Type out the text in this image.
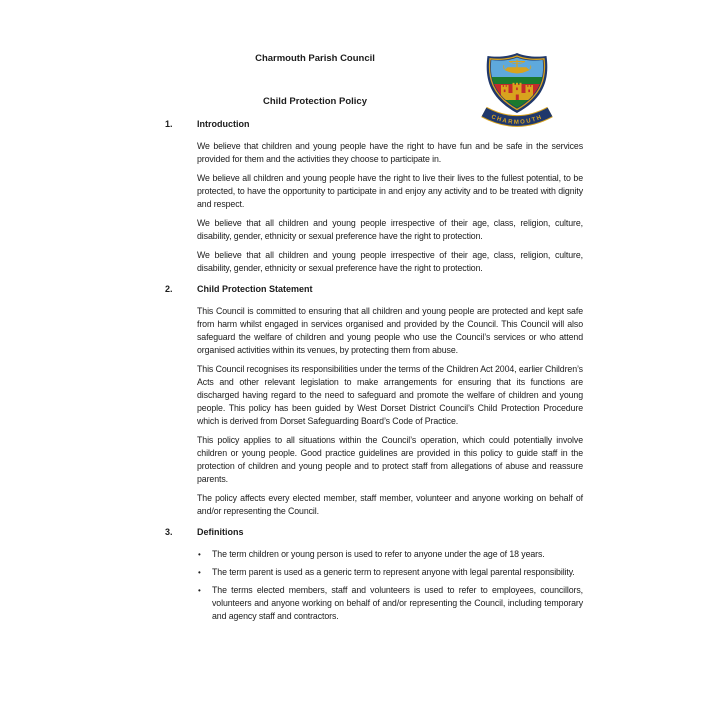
Charmouth Parish Council
Child Protection Policy
CHARMOUTH
1.	Introduction
We believe that children and young people have the right to have fun and be safe in the services provided for them and the activities they choose to participate in.
We believe all children and young people have the right to live their lives to the fullest potential, to be protected, to have the opportunity to participate in and enjoy any activity and to be treated with dignity and respect.
We believe that all children and young people irrespective of their age, class, religion, culture, disability, gender, ethnicity or sexual preference have the right to protection.
We believe that all children and young people irrespective of their age, class, religion, culture, disability, gender, ethnicity or sexual preference have the right to protection.
2.	Child Protection Statement
This Council is committed to ensuring that all children and young people are protected and kept safe from harm whilst engaged in services organised and provided by the Council. This Council will also safeguard the welfare of children and young people who use the Council’s services or who attend organised activities within its venues, by protecting them from abuse.
This Council recognises its responsibilities under the terms of the Children Act 2004, earlier Children’s Acts and other relevant legislation to make arrangements for ensuring that its functions are discharged having regard to the need to safeguard and promote the welfare of children and young people. This policy has been guided by West Dorset District Council’s Child Protection Procedure which is derived from Dorset Safeguarding Board’s Code of Practice.
This policy applies to all situations within the Council’s operation, which could potentially involve children or young people. Good practice guidelines are provided in this policy to guide staff in the protection of children and young people and to protect staff from allegations of abuse and reassure parents.
The policy affects every elected member, staff member, volunteer and anyone working on behalf of and/or representing the Council.
3.	Definitions
•	The term children or young person is used to refer to anyone under the age of 18 years.
•	The term parent is used as a generic term to represent anyone with legal parental responsibility.
•	The terms elected members, staff and volunteers is used to refer to employees, councillors, volunteers and anyone working on behalf of and/or representing the Council, including temporary and agency staff and contractors.
